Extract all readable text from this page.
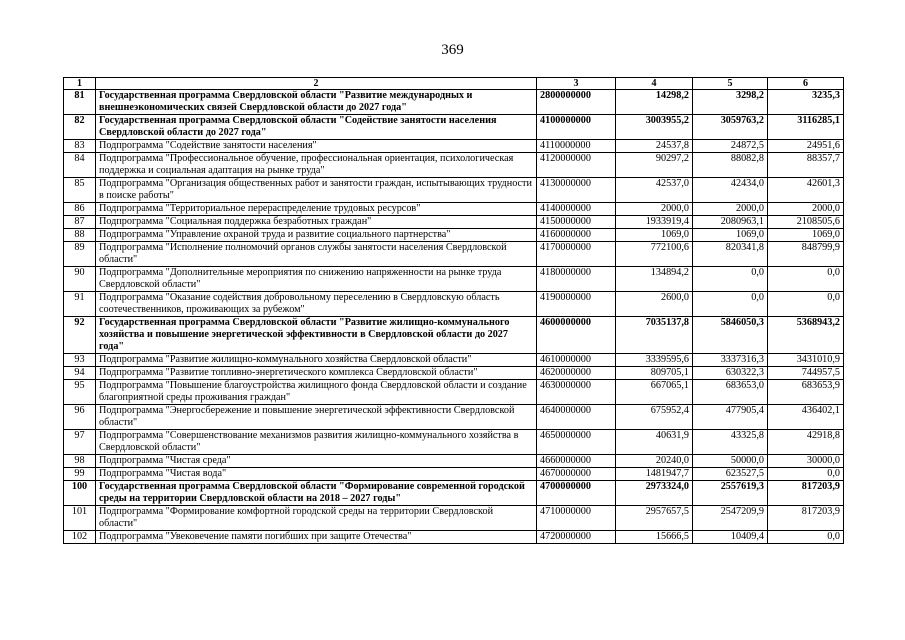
369
1	2	3	4	5	6
81	Государственная программа Свердловской области "Развитие международных и внешнеэкономических связей Свердловской области до 2027 года"	2800000000	14298,2	3298,2	3235,3
82	Государственная программа Свердловской области "Содействие занятости населения Свердловской области до 2027 года"	4100000000	3003955,2	3059763,2	3116285,1
83	Подпрограмма "Содействие занятости населения"	4110000000	24537,8	24872,5	24951,6
84	Подпрограмма "Профессиональное обучение, профессиональная ориентация, психологическая поддержка и социальная адаптация на рынке труда"	4120000000	90297,2	88082,8	88357,7
85	Подпрограмма "Организация общественных работ и занятости граждан, испытывающих трудности в поиске работы"	4130000000	42537,0	42434,0	42601,3
86	Подпрограмма "Территориальное перераспределение трудовых ресурсов"	4140000000	2000,0	2000,0	2000,0
87	Подпрограмма "Социальная поддержка безработных граждан"	4150000000	1933919,4	2080963,1	2108505,6
88	Подпрограмма "Управление охраной труда и развитие социального партнерства"	4160000000	1069,0	1069,0	1069,0
89	Подпрограмма "Исполнение полномочий органов службы занятости населения Свердловской области"	4170000000	772100,6	820341,8	848799,9
90	Подпрограмма "Дополнительные мероприятия по снижению напряженности на рынке труда Свердловской области"	4180000000	134894,2	0,0	0,0
91	Подпрограмма "Оказание содействия добровольному переселению в Свердловскую область соотечественников, проживающих за рубежом"	4190000000	2600,0	0,0	0,0
92	Государственная программа Свердловской области "Развитие жилищно-коммунального хозяйства и повышение энергетической эффективности в Свердловской области до 2027 года"	4600000000	7035137,8	5846050,3	5368943,2
93	Подпрограмма "Развитие жилищно-коммунального хозяйства Свердловской области"	4610000000	3339595,6	3337316,3	3431010,9
94	Подпрограмма "Развитие топливно-энергетического комплекса Свердловской области"	4620000000	809705,1	630322,3	744957,5
95	Подпрограмма "Повышение благоустройства жилищного фонда Свердловской области и создание благоприятной среды проживания граждан"	4630000000	667065,1	683653,0	683653,9
96	Подпрограмма "Энергосбережение и повышение энергетической эффективности Свердловской области"	4640000000	675952,4	477905,4	436402,1
97	Подпрограмма "Совершенствование механизмов развития жилищно-коммунального хозяйства в Свердловской области"	4650000000	40631,9	43325,8	42918,8
98	Подпрограмма "Чистая среда"	4660000000	20240,0	50000,0	30000,0
99	Подпрограмма "Чистая вода"	4670000000	1481947,7	623527,5	0,0
100	Государственная программа Свердловской области "Формирование современной городской среды на территории Свердловской области на 2018 – 2027 годы"	4700000000	2973324,0	2557619,3	817203,9
101	Подпрограмма "Формирование комфортной городской среды на территории Свердловской области"	4710000000	2957657,5	2547209,9	817203,9
102	Подпрограмма "Увековечение памяти погибших при защите Отечества"	4720000000	15666,5	10409,4	0,0
